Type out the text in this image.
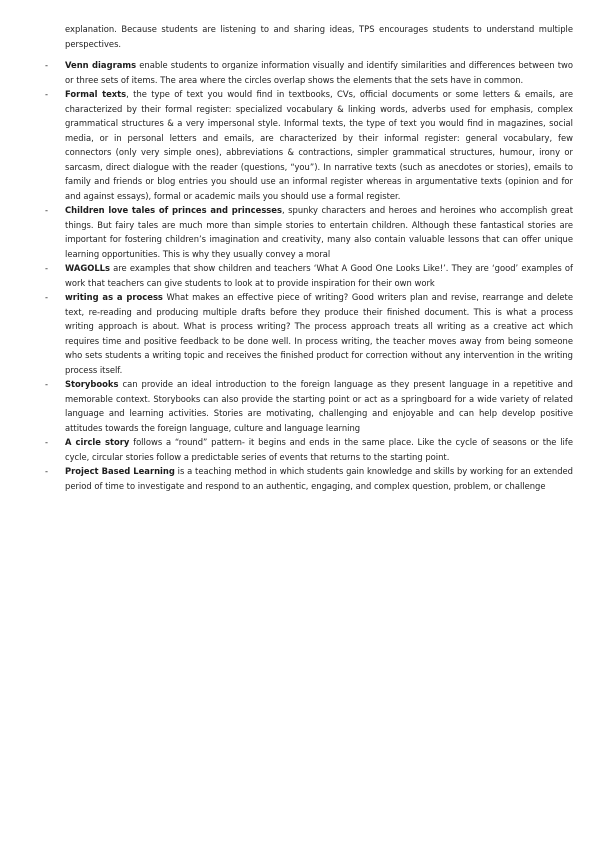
explanation. Because students are listening to and sharing ideas, TPS encourages students to understand multiple perspectives.

- Venn diagrams enable students to organize information visually and identify similarities and differences between two or three sets of items. The area where the circles overlap shows the elements that the sets have in common.
- Formal texts, the type of text you would find in textbooks, CVs, official documents or some letters & emails, are characterized by their formal register: specialized vocabulary & linking words, adverbs used for emphasis, complex grammatical structures & a very impersonal style. Informal texts, the type of text you would find in magazines, social media, or in personal letters and emails, are characterized by their informal register: general vocabulary, few connectors (only very simple ones), abbreviations & contractions, simpler grammatical structures, humour, irony or sarcasm, direct dialogue with the reader (questions, “you”). In narrative texts (such as anecdotes or stories), emails to family and friends or blog entries you should use an informal register whereas in argumentative texts (opinion and for and against essays), formal or academic mails you should use a formal register.
- Children love tales of princes and princesses, spunky characters and heroes and heroines who accomplish great things. But fairy tales are much more than simple stories to entertain children. Although these fantastical stories are important for fostering children’s imagination and creativity, many also contain valuable lessons that can offer unique learning opportunities. This is why they usually convey a moral
- WAGOLLs are examples that show children and teachers ‘What A Good One Looks Like!’. They are ‘good’ examples of work that teachers can give students to look at to provide inspiration for their own work
- writing as a process What makes an effective piece of writing? Good writers plan and revise, rearrange and delete text, re-reading and producing multiple drafts before they produce their finished document. This is what a process writing approach is about. What is process writing? The process approach treats all writing as a creative act which requires time and positive feedback to be done well. In process writing, the teacher moves away from being someone who sets students a writing topic and receives the finished product for correction without any intervention in the writing process itself.
- Storybooks can provide an ideal introduction to the foreign language as they present language in a repetitive and memorable context. Storybooks can also provide the starting point or act as a springboard for a wide variety of related language and learning activities. Stories are motivating, challenging and enjoyable and can help develop positive attitudes towards the foreign language, culture and language learning
- A circle story follows a “round” pattern- it begins and ends in the same place. Like the cycle of seasons or the life cycle, circular stories follow a predictable series of events that returns to the starting point.
- Project Based Learning is a teaching method in which students gain knowledge and skills by working for an extended period of time to investigate and respond to an authentic, engaging, and complex question, problem, or challenge
